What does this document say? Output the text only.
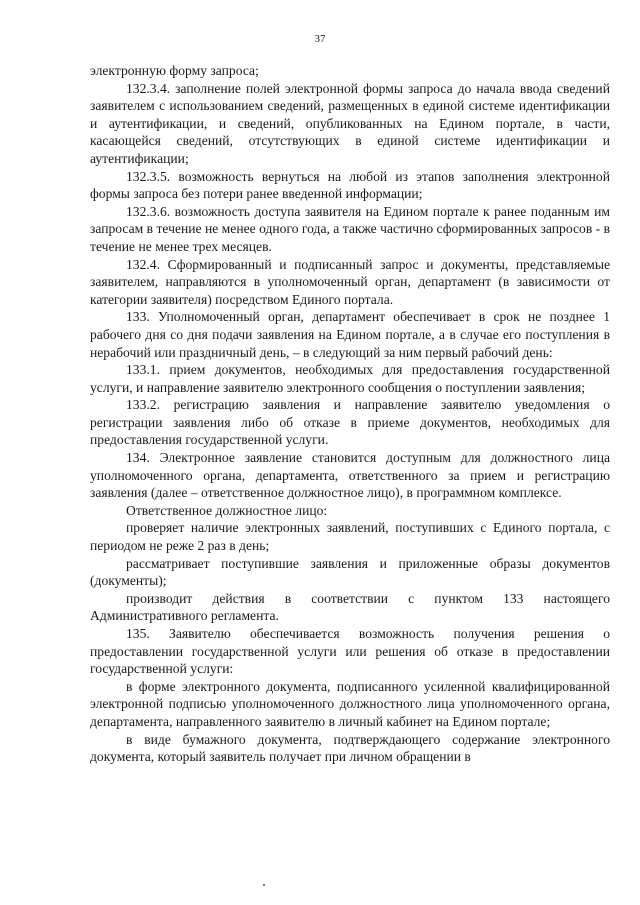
37

электронную форму запроса;

132.3.4. заполнение полей электронной формы запроса до начала ввода сведений заявителем с использованием сведений, размещенных в единой системе идентификации и аутентификации, и сведений, опубликованных на Едином портале, в части, касающейся сведений, отсутствующих в единой системе идентификации и аутентификации;

132.3.5. возможность вернуться на любой из этапов заполнения электронной формы запроса без потери ранее введенной информации;

132.3.6. возможность доступа заявителя на Едином портале к ранее поданным им запросам в течение не менее одного года, а также частично сформированных запросов - в течение не менее трех месяцев.

132.4. Сформированный и подписанный запрос и документы, представляемые заявителем, направляются в уполномоченный орган, департамент (в зависимости от категории заявителя) посредством Единого портала.

133. Уполномоченный орган, департамент обеспечивает в срок не позднее 1 рабочего дня со дня подачи заявления на Едином портале, а в случае его поступления в нерабочий или праздничный день, – в следующий за ним первый рабочий день:

133.1. прием документов, необходимых для предоставления государственной услуги, и направление заявителю электронного сообщения о поступлении заявления;

133.2. регистрацию заявления и направление заявителю уведомления о регистрации заявления либо об отказе в приеме документов, необходимых для предоставления государственной услуги.

134. Электронное заявление становится доступным для должностного лица уполномоченного органа, департамента, ответственного за прием и регистрацию заявления (далее – ответственное должностное лицо), в программном комплексе.

Ответственное должностное лицо:

проверяет наличие электронных заявлений, поступивших с Единого портала, с периодом не реже 2 раз в день;

рассматривает поступившие заявления и приложенные образы документов (документы);

производит действия в соответствии с пунктом 133 настоящего Административного регламента.

135. Заявителю обеспечивается возможность получения решения о предоставлении государственной услуги или решения об отказе в предоставлении государственной услуги:

в форме электронного документа, подписанного усиленной квалифицированной электронной подписью уполномоченного должностного лица уполномоченного органа, департамента, направленного заявителю в личный кабинет на Едином портале;

в виде бумажного документа, подтверждающего содержание электронного документа, который заявитель получает при личном обращении в
